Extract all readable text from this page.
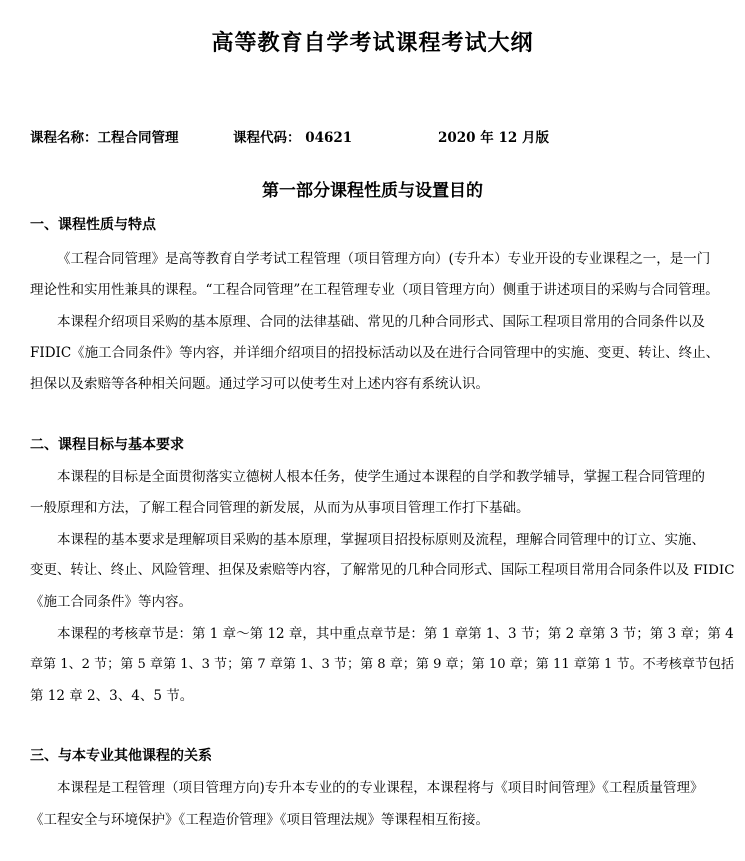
高等教育自学考试课程考试大纲
课程名称：工程合同管理	课程代码： 04621	2020 年 12 月版
第一部分课程性质与设置目的
一、课程性质与特点
《工程合同管理》是高等教育自学考试工程管理（项目管理方向）(专升本）专业开设的专业课程之一，是一门
理论性和实用性兼具的课程。“工程合同管理”在工程管理专业（项目管理方向）侧重于讲述项目的采购与合同管理。
本课程介绍项目采购的基本原理、合同的法律基础、常见的几种合同形式、国际工程项目常用的合同条件以及
FIDIC《施工合同条件》等内容，并详细介绍项目的招投标活动以及在进行合同管理中的实施、变更、转让、终止、
担保以及索赔等各种相关问题。通过学习可以使考生对上述内容有系统认识。
二、课程目标与基本要求
本课程的目标是全面贯彻落实立德树人根本任务，使学生通过本课程的自学和教学辅导，掌握工程合同管理的
一般原理和方法，了解工程合同管理的新发展，从而为从事项目管理工作打下基础。
本课程的基本要求是理解项目采购的基本原理，掌握项目招投标原则及流程，理解合同管理中的订立、实施、
变更、转让、终止、风险管理、担保及索赔等内容，了解常见的几种合同形式、国际工程项目常用合同条件以及 FIDIC
《施工合同条件》等内容。
本课程的考核章节是：第 1 章～第 12 章，其中重点章节是：第 1 章第 1、3 节；第 2 章第 3 节；第 3 章；第 4
章第 1、2 节；第 5 章第 1、3 节；第 7 章第 1、3 节；第 8 章；第 9 章；第 10 章；第 11 章第 1 节。不考核章节包括
第 12 章 2、3、4、5 节。
三、与本专业其他课程的关系
本课程是工程管理（项目管理方向)专升本专业的的专业课程，本课程将与《项目时间管理》《工程质量管理》
《工程安全与环境保护》《工程造价管理》《项目管理法规》等课程相互衔接。
